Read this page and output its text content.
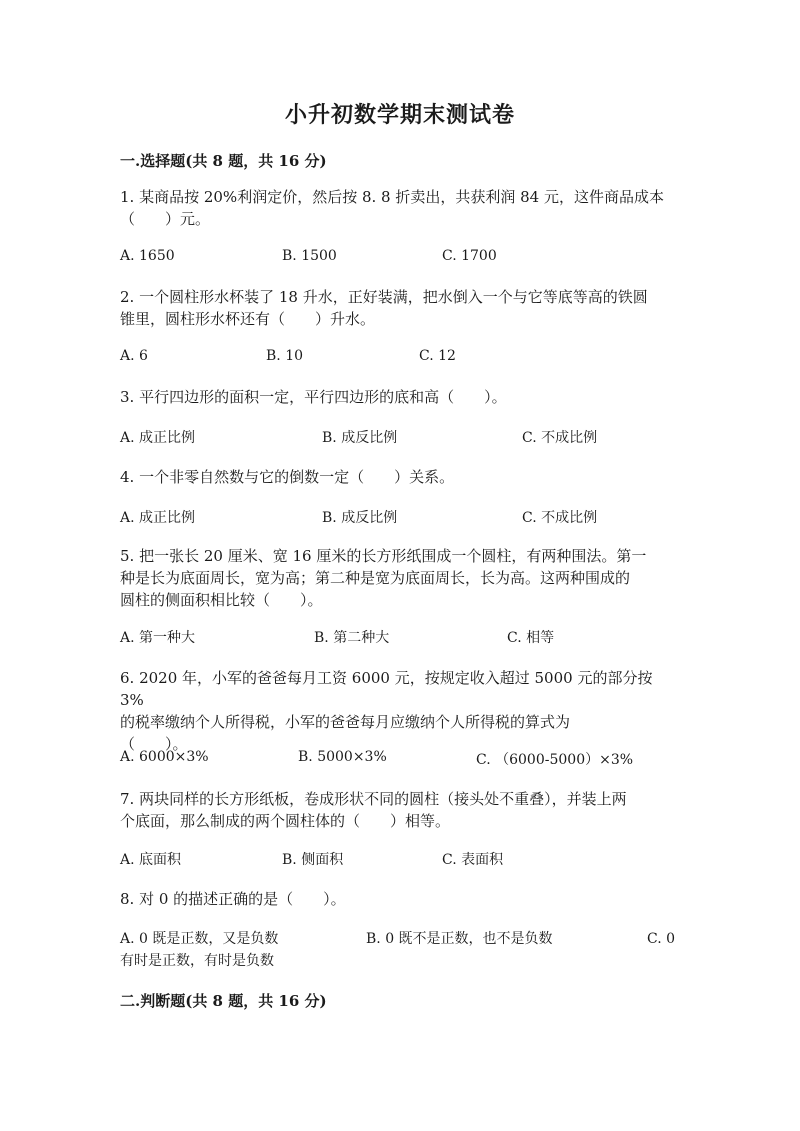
小升初数学期末测试卷
一.选择题(共 8 题，共 16 分)
1. 某商品按 20%利润定价，然后按 8. 8 折卖出，共获利润 84 元，这件商品成本
（　　）元。
A. 1650	B. 1500	C. 1700
2. 一个圆柱形水杯装了 18 升水，正好装满，把水倒入一个与它等底等高的铁圆
锥里，圆柱形水杯还有（　　）升水。
A. 6	B. 10	C. 12
3. 平行四边形的面积一定，平行四边形的底和高（　　）。
A. 成正比例	B. 成反比例	C. 不成比例
4. 一个非零自然数与它的倒数一定（　　）关系。
A. 成正比例	B. 成反比例	C. 不成比例
5. 把一张长 20 厘米、宽 16 厘米的长方形纸围成一个圆柱，有两种围法。第一
种是长为底面周长，宽为高；第二种是宽为底面周长，长为高。这两种围成的
圆柱的侧面积相比较（　　）。
A. 第一种大	B. 第二种大	C. 相等
6. 2020 年，小军的爸爸每月工资 6000 元，按规定收入超过 5000 元的部分按 3%
的税率缴纳个人所得税，小军的爸爸每月应缴纳个人所得税的算式为
（　　）。
A. 6000×3%	B. 5000×3%	C. （6000-5000）×3%
7. 两块同样的长方形纸板，卷成形状不同的圆柱（接头处不重叠），并装上两
个底面，那么制成的两个圆柱体的（　　）相等。
A. 底面积	B. 侧面积	C. 表面积
8. 对 0 的描述正确的是（　　）。
A. 0 既是正数，又是负数	B. 0 既不是正数，也不是负数	C. 0
有时是正数，有时是负数
二.判断题(共 8 题，共 16 分)
